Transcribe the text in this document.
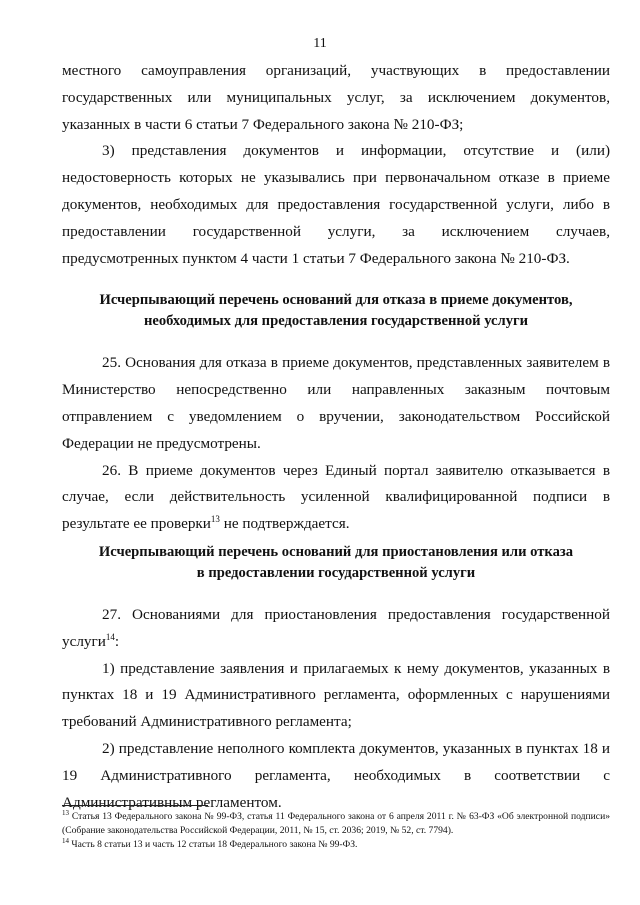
11

местного самоуправления организаций, участвующих в предоставлении государственных или муниципальных услуг, за исключением документов, указанных в части 6 статьи 7 Федерального закона № 210-ФЗ;

3) представления документов и информации, отсутствие и (или) недостоверность которых не указывались при первоначальном отказе в приеме документов, необходимых для предоставления государственной услуги, либо в предоставлении государственной услуги, за исключением случаев, предусмотренных пунктом 4 части 1 статьи 7 Федерального закона № 210-ФЗ.

Исчерпывающий перечень оснований для отказа в приеме документов,
необходимых для предоставления государственной услуги

25. Основания для отказа в приеме документов, представленных заявителем в Министерство непосредственно или направленных заказным почтовым отправлением с уведомлением о вручении, законодательством Российской Федерации не предусмотрены.

26. В приеме документов через Единый портал заявителю отказывается в случае, если действительность усиленной квалифицированной подписи в результате ее проверки$^{13}$ не подтверждается.

Исчерпывающий перечень оснований для приостановления или отказа
в предоставлении государственной услуги

27. Основаниями для приостановления предоставления государственной услуги$^{14}$:

1) представление заявления и прилагаемых к нему документов, указанных в пунктах 18 и 19 Административного регламента, оформленных с нарушениями требований Административного регламента;

2) представление неполного комплекта документов, указанных в пунктах 18 и 19 Административного регламента, необходимых в соответствии с Административным регламентом.

$^{13}$ Статья 13 Федерального закона № 99-ФЗ, статья 11 Федерального закона от 6 апреля 2011 г. № 63-ФЗ «Об электронной подписи» (Собрание законодательства Российской Федерации, 2011, № 15, ст. 2036; 2019, № 52, ст. 7794).

$^{14}$ Часть 8 статьи 13 и часть 12 статьи 18 Федерального закона № 99-ФЗ.
